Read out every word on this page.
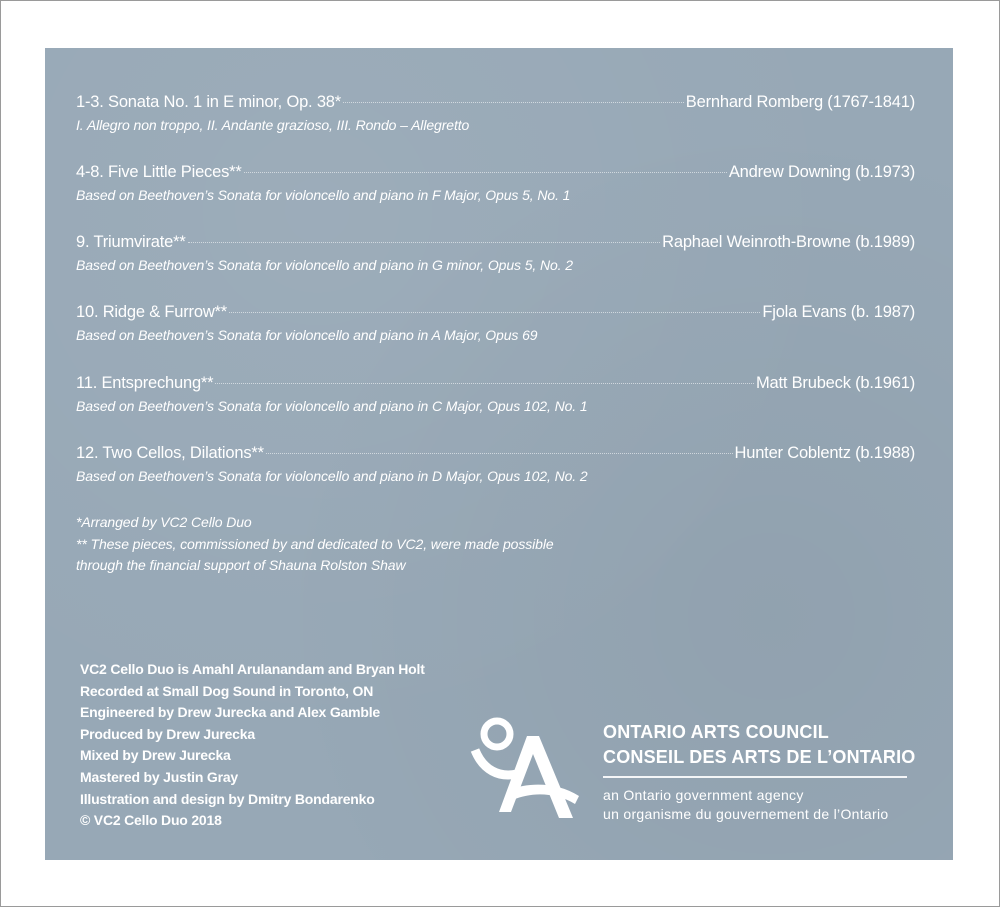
1-3. Sonata No. 1 in E minor, Op. 38*	Bernhard Romberg (1767-1841)
I. Allegro non troppo, II. Andante grazioso, III. Rondo – Allegretto
4-8. Five Little Pieces**	Andrew Downing (b.1973)
Based on Beethoven’s Sonata for violoncello and piano in F Major, Opus 5, No. 1
9. Triumvirate**	Raphael Weinroth-Browne (b.1989)
Based on Beethoven’s Sonata for violoncello and piano in G minor, Opus 5, No. 2
10. Ridge & Furrow**	Fjola Evans (b. 1987)
Based on Beethoven’s Sonata for violoncello and piano in A Major, Opus 69
11. Entsprechung**	Matt Brubeck (b.1961)
Based on Beethoven’s Sonata for violoncello and piano in C Major, Opus 102, No. 1
12. Two Cellos, Dilations**	Hunter Coblentz (b.1988)
Based on Beethoven’s Sonata for violoncello and piano in D Major, Opus 102, No. 2
*Arranged by VC2 Cello Duo
** These pieces, commissioned by and dedicated to VC2, were made possible
through the financial support of Shauna Rolston Shaw
VC2 Cello Duo is Amahl Arulanandam and Bryan Holt
Recorded at Small Dog Sound in Toronto, ON
Engineered by Drew Jurecka and Alex Gamble
Produced by Drew Jurecka
Mixed by Drew Jurecka
Mastered by Justin Gray
Illustration and design by Dmitry Bondarenko
© VC2 Cello Duo 2018
ONTARIO ARTS COUNCIL
CONSEIL DES ARTS DE L’ONTARIO
an Ontario government agency
un organisme du gouvernement de l’Ontario
